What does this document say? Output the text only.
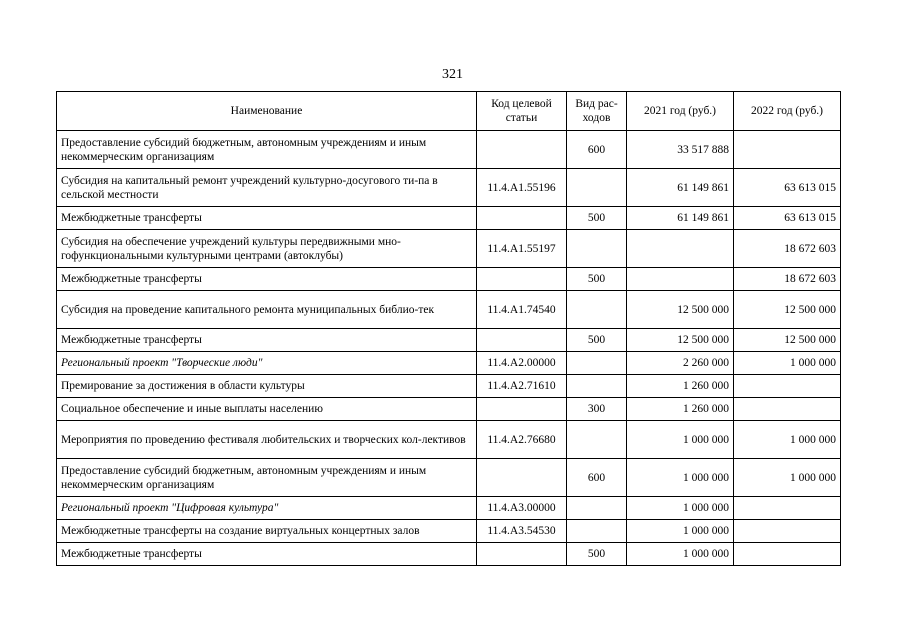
321
Наименование	Код целевой статьи	Вид рас-ходов	2021 год (руб.)	2022 год (руб.)
Предоставление субсидий бюджетным, автономным учреждениям и иным некоммерческим организациям		600	33 517 888	
Субсидия на капитальный ремонт учреждений культурно-досугового ти-па в сельской местности	11.4.А1.55196		61 149 861	63 613 015
Межбюджетные трансферты		500	61 149 861	63 613 015
Субсидия на обеспечение учреждений культуры передвижными мно-гофункциональными культурными центрами (автоклубы)	11.4.А1.55197			18 672 603
Межбюджетные трансферты		500		18 672 603
Субсидия на проведение капитального ремонта муниципальных библио-тек	11.4.А1.74540		12 500 000	12 500 000
Межбюджетные трансферты		500	12 500 000	12 500 000
Региональный проект "Творческие люди"	11.4.А2.00000		2 260 000	1 000 000
Премирование за достижения в области культуры	11.4.А2.71610		1 260 000	
Социальное обеспечение и иные выплаты населению		300	1 260 000	
Мероприятия по проведению фестиваля любительских и творческих кол-лективов	11.4.А2.76680		1 000 000	1 000 000
Предоставление субсидий бюджетным, автономным учреждениям и иным некоммерческим организациям		600	1 000 000	1 000 000
Региональный проект "Цифровая культура"	11.4.А3.00000		1 000 000	
Межбюджетные трансферты на создание виртуальных концертных залов	11.4.А3.54530		1 000 000	
Межбюджетные трансферты		500	1 000 000	
